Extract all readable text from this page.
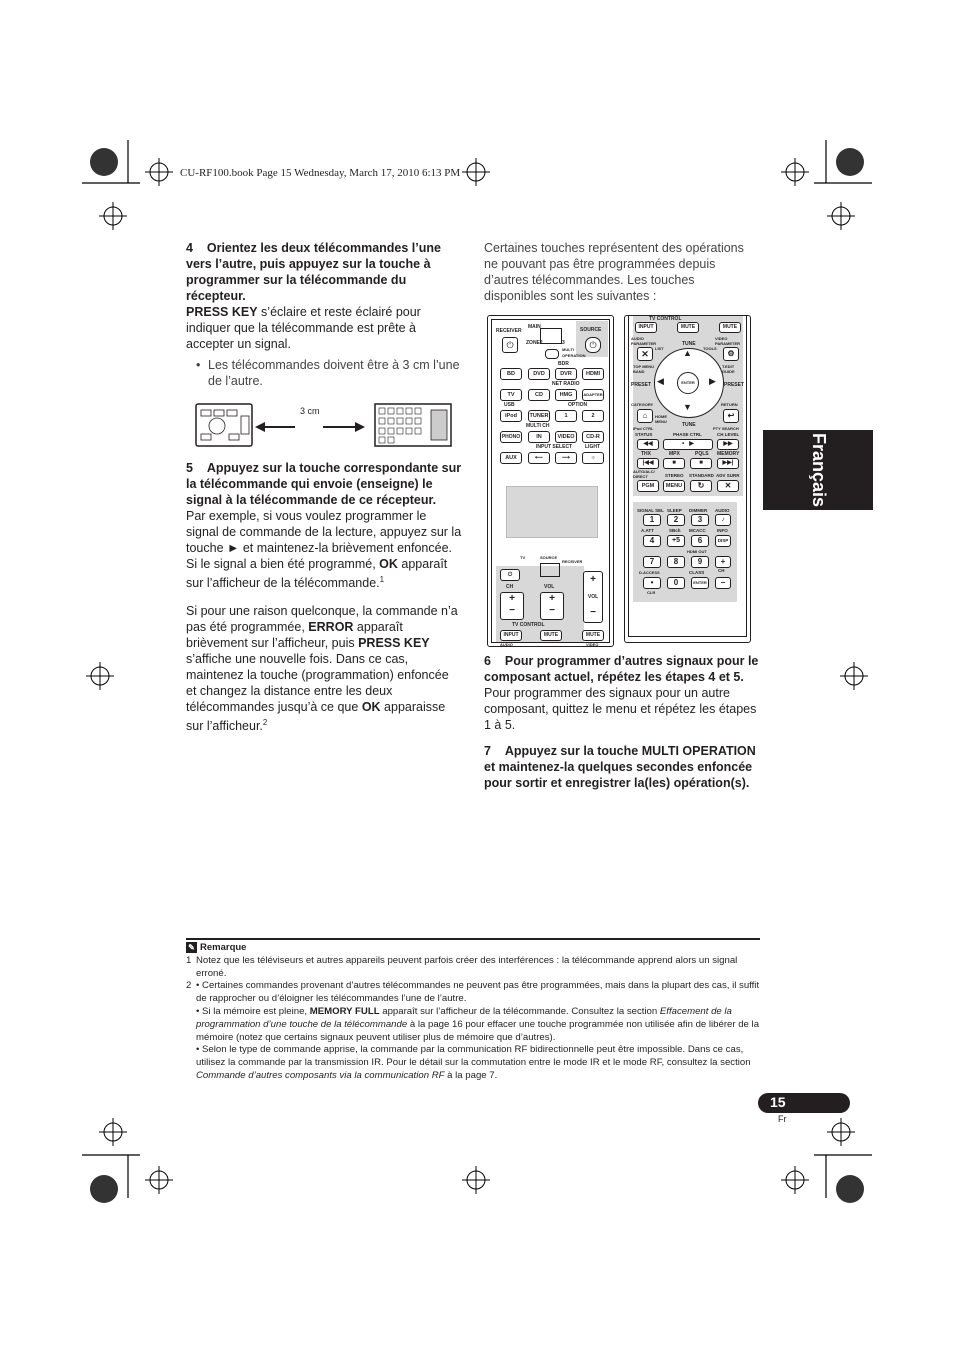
CU-RF100.book Page 15 Wednesday, March 17, 2010 6:13 PM

4 Orientez les deux télécommandes l’une vers l’autre, puis appuyez sur la touche à programmer sur la télécommande du récepteur.

PRESS KEY s’éclaire et reste éclairé pour indiquer que la télécommande est prête à accepter un signal.

• Les télécommandes doivent être à 3 cm l’une de l’autre.

3 cm

5 Appuyez sur la touche correspondante sur la télécommande qui envoie (enseigne) le signal à la télécommande de ce récepteur.

Par exemple, si vous voulez programmer le signal de commande de la lecture, appuyez sur la touche ► et maintenez-la brièvement enfoncée. Si le signal a bien été programmé, OK apparaît sur l’afficheur de la télécommande.$^1$

Si pour une raison quelconque, la commande n’a pas été programmée, ERROR apparaît brièvement sur l’afficheur, puis PRESS KEY s’affiche une nouvelle fois. Dans ce cas, maintenez la touche (programmation) enfoncée et changez la distance entre les deux télécommandes jusqu’à ce que OK apparaisse sur l’afficheur.$^2$

Certaines touches représentent des opérations ne pouvant pas être programmées depuis d’autres télécommandes. Les touches disponibles sont les suivantes :

RECEIVER
⏻
MAIN
ZONE2	3
MULTI
OPERATION
SOURCE
⏻
BDR
BD	DVD	DVR	HDMI
NET RADIO
TV	CD	HMG	ADAPTER
USB	OPTION
iPod	TUNER	1	2
MULTI CH
PHONO	IN	VIDEO	CD-R
INPUT SELECT	LIGHT
AUX	⟵	⟶	☼
TV	SOURCE
RECEIVER
⏻
CH	VOL
+
−
+
−
+
VOL
−
TV CONTROL
INPUT	MUTE	MUTE
AUDIO	VIDEO
TV CONTROL
INPUT	MUTE	MUTE
AUDIO PARAMETER
VIDEO PARAMETER
LIST	TOOLS
✕	⚙
TUNE
▲
▼
◀	▶
ENTER
TOP MENU BAND
T.EDIT GUIDE
PRESET	PRESET
CATEGORY	RETURN
⌂	↩
HOME MENU
TUNE
iPod CTRL	PTY SEARCH
STATUS	PHASE CTRL	CH LEVEL
◀◀	•   ▶	▶▶
THX	MPX	PQLS MEMORY
|◀◀	■	■	▶▶|
AUTO/ALC/ DIRECT	STEREO STANDARD ADV SURR
PGM	MENU	↻	✕
SIGNAL SEL SLEEP DIMMER AUDIO
1	2	3	♪
A.ATT	SBch MCACC	INFO
4	+5	6	DISP
HDMI OUT
7	8	9	+
D.ACCESS	CLASS	CH
•	0	ENTER	−
CLR

6 Pour programmer d’autres signaux pour le composant actuel, répétez les étapes 4 et 5.

Pour programmer des signaux pour un autre composant, quittez le menu et répétez les étapes 1 à 5.

7 Appuyez sur la touche MULTI OPERATION et maintenez-la quelques secondes enfoncée pour sortir et enregistrer la(les) opération(s).

Français
✎ Remarque
1 Notez que les téléviseurs et autres appareils peuvent parfois créer des interférences : la télécommande apprend alors un signal erroné.
2 • Certaines commandes provenant d’autres télécommandes ne peuvent pas être programmées, mais dans la plupart des cas, il suffit de rapprocher ou d’éloigner les télécommandes l’une de l’autre.
• Si la mémoire est pleine, MEMORY FULL apparaît sur l’afficheur de la télécommande. Consultez la section Effacement de la programmation d’une touche de la télécommande à la page 16 pour effacer une touche programmée non utilisée afin de libérer de la mémoire (notez que certains signaux peuvent utiliser plus de mémoire que d’autres).
• Selon le type de commande apprise, la commande par la communication RF bidirectionnelle peut être impossible. Dans ce cas, utilisez la commande par la transmission IR. Pour le détail sur la commutation entre le mode IR et le mode RF, consultez la section Commande d’autres composants via la communication RF à la page 7.
15
Fr
